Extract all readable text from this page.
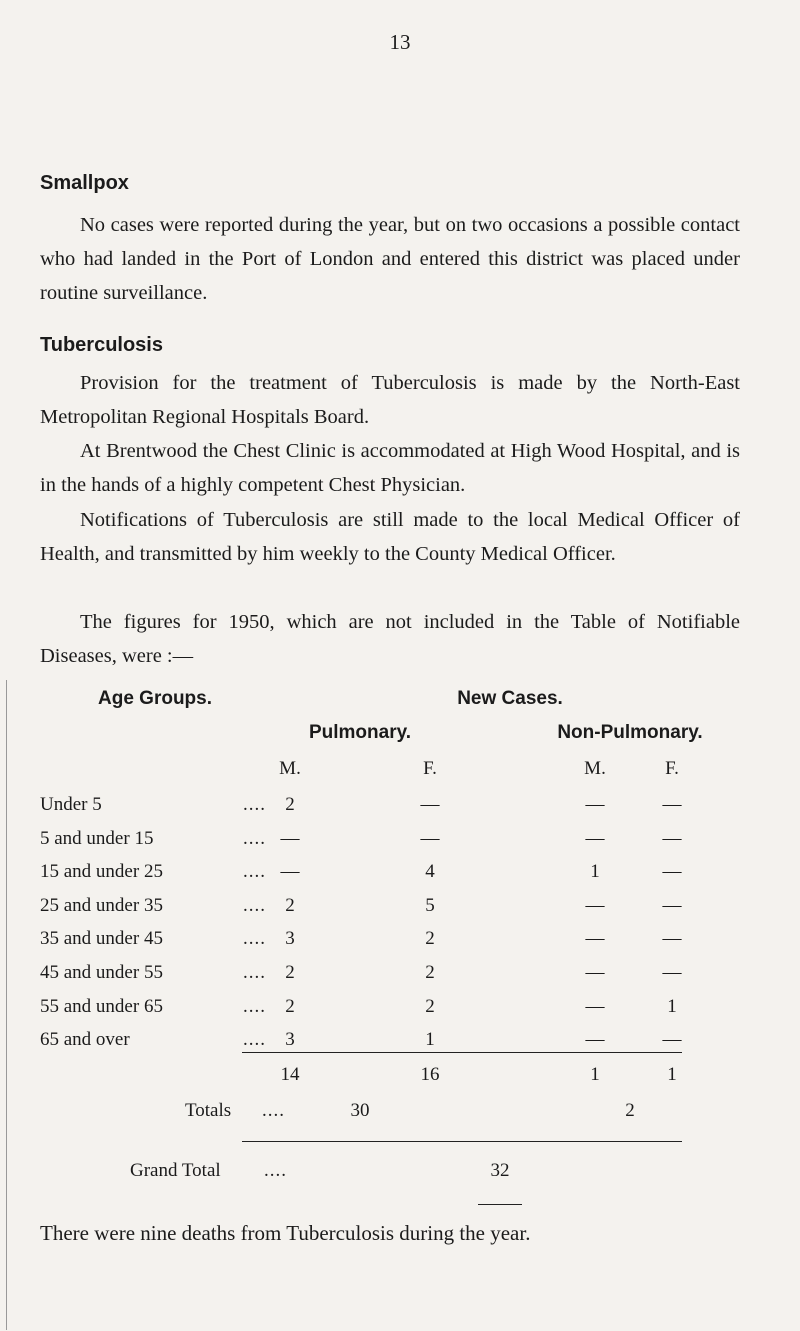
13
Smallpox

No cases were reported during the year, but on two occasions a possible contact who had landed in the Port of London and entered this district was placed under routine surveillance.

Tuberculosis

Provision for the treatment of Tuberculosis is made by the North-East Metropolitan Regional Hospitals Board.

At Brentwood the Chest Clinic is accommodated at High Wood Hospital, and is in the hands of a highly competent Chest Physician.

Notifications of Tuberculosis are still made to the local Medical Officer of Health, and transmitted by him weekly to the County Medical Officer.

The figures for 1950, which are not included in the Table of Notifiable Diseases, were :—

Age Groups.	New Cases.
Pulmonary.	Non-Pulmonary.
M.	F.	M.	F.
Under 5	.... 2	—	—	—
5 and under 15	.... —	—	—	—
15 and under 25	.... —	4	1	—
25 and under 35	.... 2	5	—	—
35 and under 45	.... 3	2	—	—
45 and under 55	.... 2	2	—	—
55 and under 65	.... 2	2	—	1
65 and over	.... 3	1	—	—
14	16	1	1
Totals ....	30	2
Grand Total ....	32

There were nine deaths from Tuberculosis during the year.
